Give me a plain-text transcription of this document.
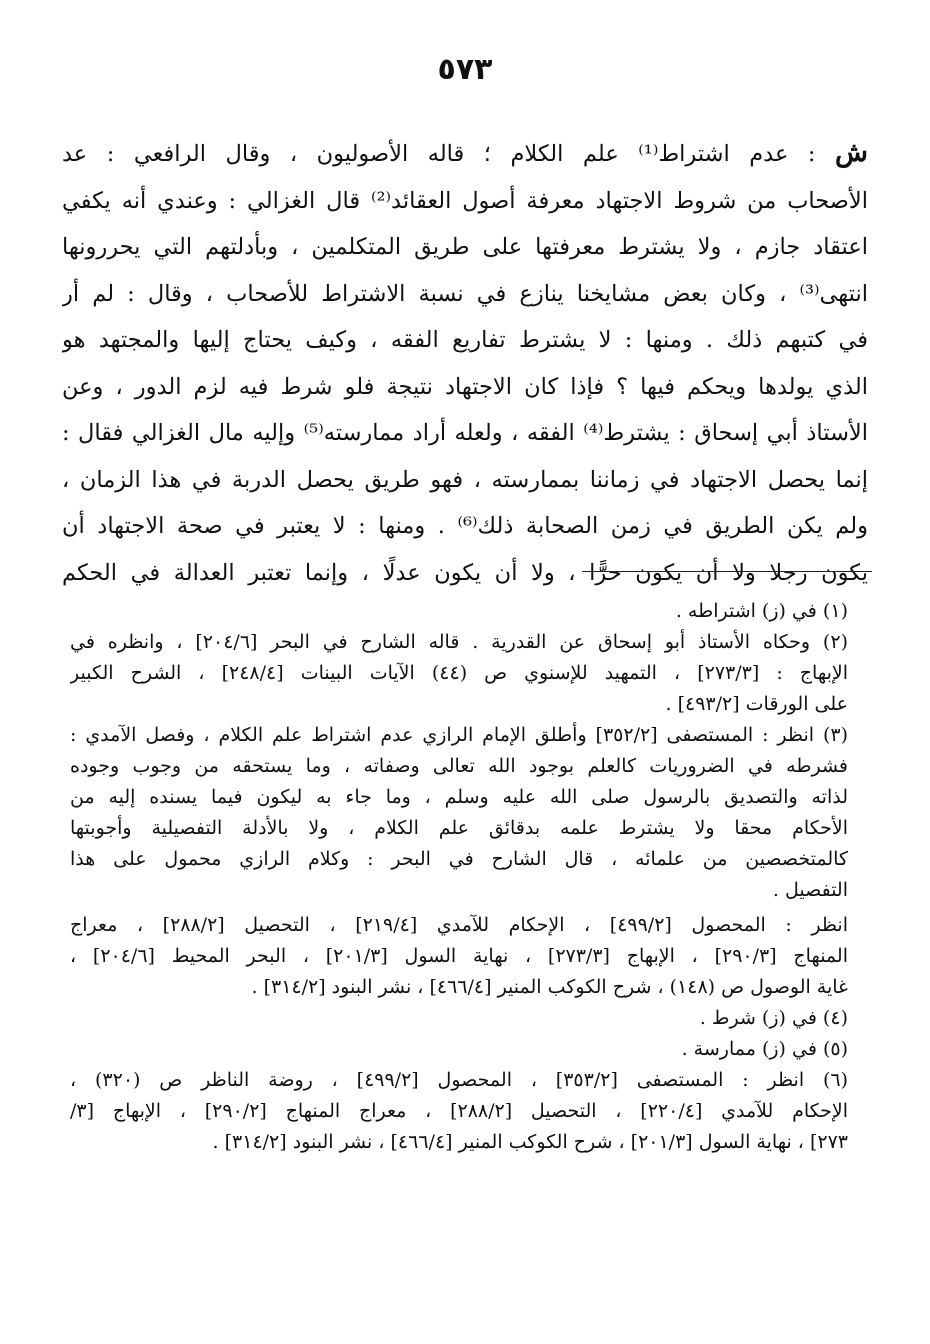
٥٧٣
ش : عدم اشتراط⁽¹⁾ علم الكلام ؛ قاله الأصوليون ، وقال الرافعي : عد
الأصحاب من شروط الاجتهاد معرفة أصول العقائد⁽²⁾ قال الغزالي : وعندي أنه يكفي
اعتقاد جازم ، ولا يشترط معرفتها على طريق المتكلمين ، وبأدلتهم التي يحررونها
انتهى⁽³⁾ ، وكان بعض مشايخنا ينازع في نسبة الاشتراط للأصحاب ، وقال : لم أر
في كتبهم ذلك . ومنها : لا يشترط تفاريع الفقه ، وكيف يحتاج إليها والمجتهد هو
الذي يولدها ويحكم فيها ؟ فإذا كان الاجتهاد نتيجة فلو شرط فيه لزم الدور ، وعن
الأستاذ أبي إسحاق : يشترط⁽⁴⁾ الفقه ، ولعله أراد ممارسته⁽⁵⁾ وإليه مال الغزالي فقال :
إنما يحصل الاجتهاد في زماننا بممارسته ، فهو طريق يحصل الدربة في هذا الزمان ،
ولم يكن الطريق في زمن الصحابة ذلك⁽⁶⁾ . ومنها : لا يعتبر في صحة الاجتهاد أن
يكون رجلا ولا أن يكون حرًّا ، ولا أن يكون عدلًا ، وإنما تعتبر العدالة في الحكم
(١) في (ز) اشتراطه .
(٢) وحكاه الأستاذ أبو إسحاق عن القدرية . قاله الشارح في البحر [٢٠٤/٦] ، وانظره في
الإبهاج : [٢٧٣/٣] ، التمهيد للإسنوي ص (٤٤) الآيات البينات [٢٤٨/٤] ، الشرح الكبير
على الورقات [٤٩٣/٢] .
(٣) انظر : المستصفى [٣٥٢/٢] وأطلق الإمام الرازي عدم اشتراط علم الكلام ، وفصل الآمدي :
فشرطه في الضروريات كالعلم بوجود الله تعالى وصفاته ، وما يستحقه من وجوب وجوده
لذاته والتصديق بالرسول صلى الله عليه وسلم ، وما جاء به ليكون فيما يسنده إليه من
الأحكام محقا ولا يشترط علمه بدقائق علم الكلام ، ولا بالأدلة التفصيلية وأجوبتها
كالمتخصصين من علمائه ، قال الشارح في البحر : وكلام الرازي محمول على هذا
التفصيل .
انظر : المحصول [٤٩٩/٢] ، الإحكام للآمدي [٢١٩/٤] ، التحصيل [٢٨٨/٢] ، معراج
المنهاج [٢٩٠/٣] ، الإبهاج [٢٧٣/٣] ، نهاية السول [٢٠١/٣] ، البحر المحيط [٢٠٤/٦] ،
غاية الوصول ص (١٤٨) ، شرح الكوكب المنير [٤٦٦/٤] ، نشر البنود [٣١٤/٢] .
(٤) في (ز) شرط .
(٥) في (ز) ممارسة .
(٦) انظر : المستصفى [٣٥٣/٢] ، المحصول [٤٩٩/٢] ، روضة الناظر ص (٣٢٠) ،
الإحكام للآمدي [٢٢٠/٤] ، التحصيل [٢٨٨/٢] ، معراج المنهاج [٢٩٠/٢] ، الإبهاج [٣/
٢٧٣] ، نهاية السول [٢٠١/٣] ، شرح الكوكب المنير [٤٦٦/٤] ، نشر البنود [٣١٤/٢] .
